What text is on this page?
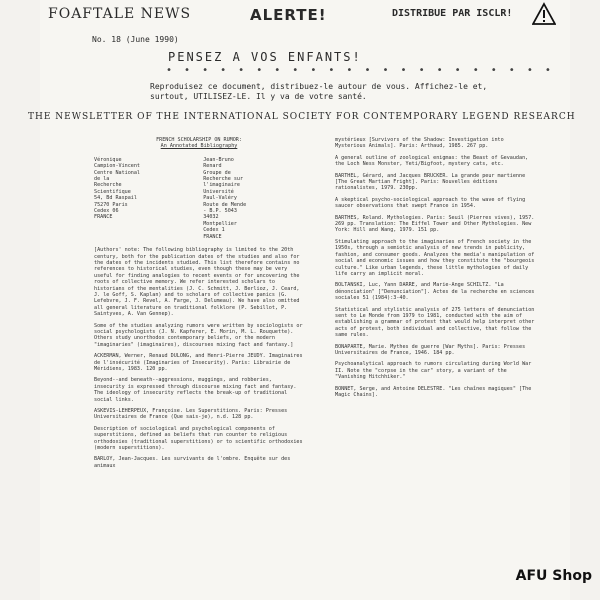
FOAFTALE NEWS	ALERTE!	DISTRIBUE PAR ISCLR!
No. 18 (June 1990)
PENSEZ A VOS ENFANTS!
• • • • • • • • • • • • • • • • • • • • • •
Reproduisez ce document, distribuez-le autour de vous. Affichez-le et, surtout, UTILISEZ-LE. Il y va de votre santé.
THE NEWSLETTER OF THE INTERNATIONAL SOCIETY FOR CONTEMPORARY LEGEND RESEARCH
FRENCH SCHOLARSHIP ON RUMOR:
An Annotated Bibliography
Véronique Campion-Vincent
Centre National de la
Recherche Scientifique
54, Bd Raspail
75270 Paris Cedex 06
FRANCE
Jean-Bruno Renard
Groupe de Recherche sur
l'imaginaire
Université Paul-Valéry
Route de Mende - B.P. 5043
34032 Montpellier Cedex 1
FRANCE

[Authors' note: The following bibliography is limited to the 20th century, both for the publication dates of the studies and also for the dates of the incidents studied. This list therefore contains no references to historical studies, even though these may be very useful for finding analogies to recent events or for uncovering the roots of collective memory. We refer interested scholars to historians of the mentalities (J. C. Schmitt, J. Berlioz, J. Ceard, J. le Goff, S. Kaplan) and to scholars of collective panics (G. Lefebvre, J. F. Revel, A. Farge, J. Delumeau). We have also omitted all general literature on traditional folklore (P. Sebillot, P. Saintyves, A. Van Gennep).

Some of the studies analyzing rumors were written by sociologists or social psychologists (J. N. Kapferer, E. Morin, M. L. Rouquette). Others study unorthodox contemporary beliefs, or the modern "imaginaries" (imaginaires), discourses mixing fact and fantasy.]

ACKERMAN, Werner, Renaud DULONG, and Henri-Pierre JEUDY. Imaginaires de l'insécurité (Imaginaries of Insecurity). Paris: Librairie de Méridiens, 1983. 120 pp.

Beyond--and beneath--aggressions, muggings, and robberies, insecurity is expressed through discourse mixing fact and fantasy. The ideology of insecurity reflects the break-up of traditional social links.

ASKEVIS-LEHERPEUX, Françoise. Les Superstitions. Paris: Presses Universitaires de France (Que sais-je), n.d. 128 pp.

Description of sociological and psychological components of superstitions, defined as beliefs that run counter to religious orthodoxies (traditional superstitions) or to scientific orthodoxies (modern superstitions).

BARLOY, Jean-Jacques. Les survivants de l'ombre. Enquête sur des animaux

mystérieux [Survivors of the Shadow: Investigation into Mysterious Animals]. Paris: Arthaud, 1985. 267 pp.

A general outline of zoological enigmas: the Beast of Gevaudan, the Loch Ness Monster, Yeti/Bigfoot, mystery cats, etc.

BARTHEL, Gérard, and Jacques BRUCKER. La grande peur martienne [The Great Martian Fright]. Paris: Nouvelles éditions rationalistes, 1979. 230pp.

A skeptical psycho-sociological approach to the wave of flying saucer observations that swept France in 1954.

BARTHES, Roland. Mythologies. Paris: Seuil (Pierres vives), 1957. 269 pp. Translation: The Eiffel Tower and Other Mythologies. New York: Hill and Wang, 1979. 151 pp.

Stimulating approach to the imaginaries of French society in the 1950s, through a semiotic analysis of new trends in publicity, fashion, and consumer goods. Analyzes the media's manipulation of social and economic issues and how they constitute the "bourgeois culture." Like urban legends, these little mythologies of daily life carry an implicit moral.

BOLTANSKI, Luc, Yann DARRE, and Marie-Ange SCHILTZ. "La dénonciation" ["Denunciation"]. Actes de la recherche en sciences sociales 51 (1984):3-40.

Statistical and stylistic analysis of 275 letters of denunciation sent to Le Monde from 1979 to 1981, conducted with the aim of establishing a grammar of protest that would help interpret other acts of protest, both individual and collective, that follow the same rules.

BONAPARTE, Marie. Mythes de guerre [War Myths]. Paris: Presses Universitaires de France, 1946. 184 pp.

Psychoanalytical approach to rumors circulating during World War II. Note the "corpse in the car" story, a variant of the "Vanishing Hitchhiker."

BONNET, Serge, and Antoine DELESTRE. "Les chaînes magiques" [The Magic Chains].

AFU Shop
